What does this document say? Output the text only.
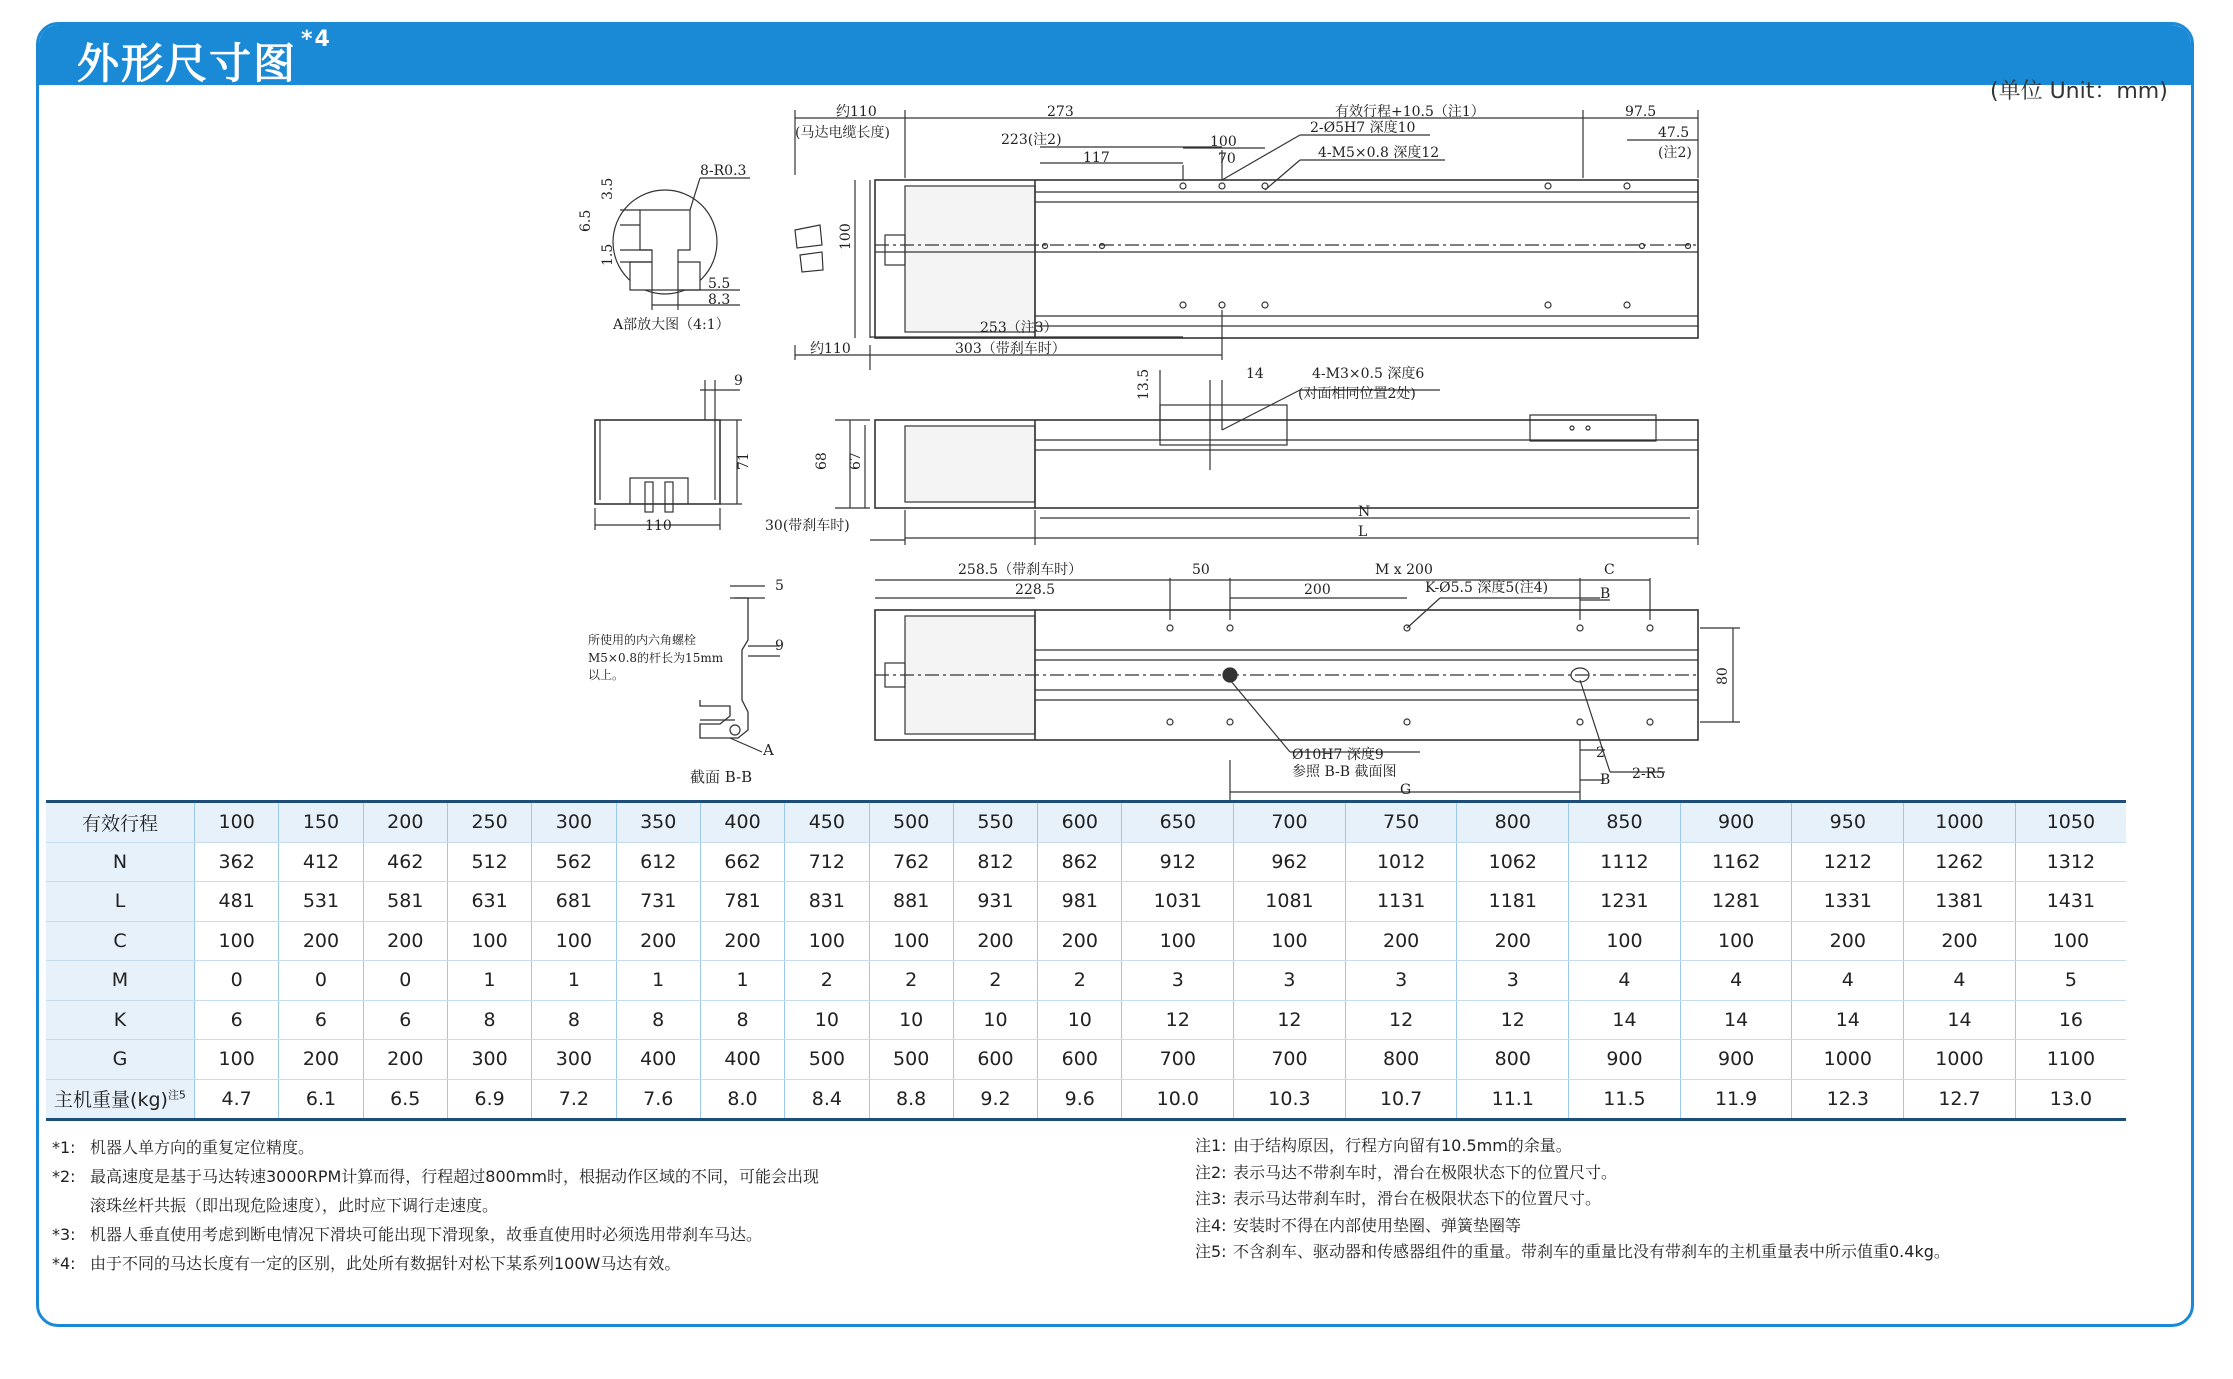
外形尺寸图 $^{*4}$
(单位 Unit：mm)
约110
(马达电缆长度)
273	有效行程+10.5（注1）	97.5
223(注2)	100
2-Ø5H7 深度10	47.5
(注2)
117	70	4-M5×0.8 深度12
100
253（注3）
约110	303（带刹车时）
8-R0.3
3.5
6.5
1.5
5.5
8.3
A部放大图（4:1）
9
71
110
13.5	14	4-M3×0.5 深度6
(对面相同位置2处)
68 67
N
L
30(带刹车时)
5
9
所使用的内六角螺栓
M5×0.8的杆长为15mm
以上。
A
截面 B-B
258.5（带刹车时）	50	M x 200	C
228.5	200	K-Ø5.5 深度5(注4)	B
80
Ø10H7 深度9
参照 B-B 截面图
G
2
2-R5
B
有效行程	100	150	200	250	300	350	400	450	500	550	600	650	700	750	800	850	900	950	1000	1050
N	362	412	462	512	562	612	662	712	762	812	862	912	962	1012	1062	1112	1162	1212	1262	1312
L	481	531	581	631	681	731	781	831	881	931	981	1031	1081	1131	1181	1231	1281	1331	1381	1431
C	100	200	200	100	100	200	200	100	100	200	200	100	100	200	200	100	100	200	200	100
M	0	0	0	1	1	1	1	2	2	2	2	3	3	3	3	4	4	4	4	5
K	6	6	6	8	8	8	8	10	10	10	10	12	12	12	12	14	14	14	14	16
G	100	200	200	300	300	400	400	500	500	600	600	700	700	800	800	900	900	1000	1000	1100
主机重量(kg)$^{注5}$	4.7	6.1	6.5	6.9	7.2	7.6	8.0	8.4	8.8	9.2	9.6	10.0	10.3	10.7	11.1	11.5	11.9	12.3	12.7	13.0
*1: 机器人单方向的重复定位精度。
*2: 最高速度是基于马达转速3000RPM计算而得，行程超过800mm时，根据动作区域的不同，可能会出现
滚珠丝杆共振（即出现危险速度），此时应下调行走速度。
*3: 机器人垂直使用考虑到断电情况下滑块可能出现下滑现象，故垂直使用时必须选用带刹车马达。
*4: 由于不同的马达长度有一定的区别，此处所有数据针对松下某系列100W马达有效。
注1: 由于结构原因，行程方向留有10.5mm的余量。
注2: 表示马达不带刹车时，滑台在极限状态下的位置尺寸。
注3: 表示马达带刹车时，滑台在极限状态下的位置尺寸。
注4: 安装时不得在内部使用垫圈、弹簧垫圈等
注5: 不含刹车、驱动器和传感器组件的重量。带刹车的重量比没有带刹车的主机重量表中所示值重0.4kg。
